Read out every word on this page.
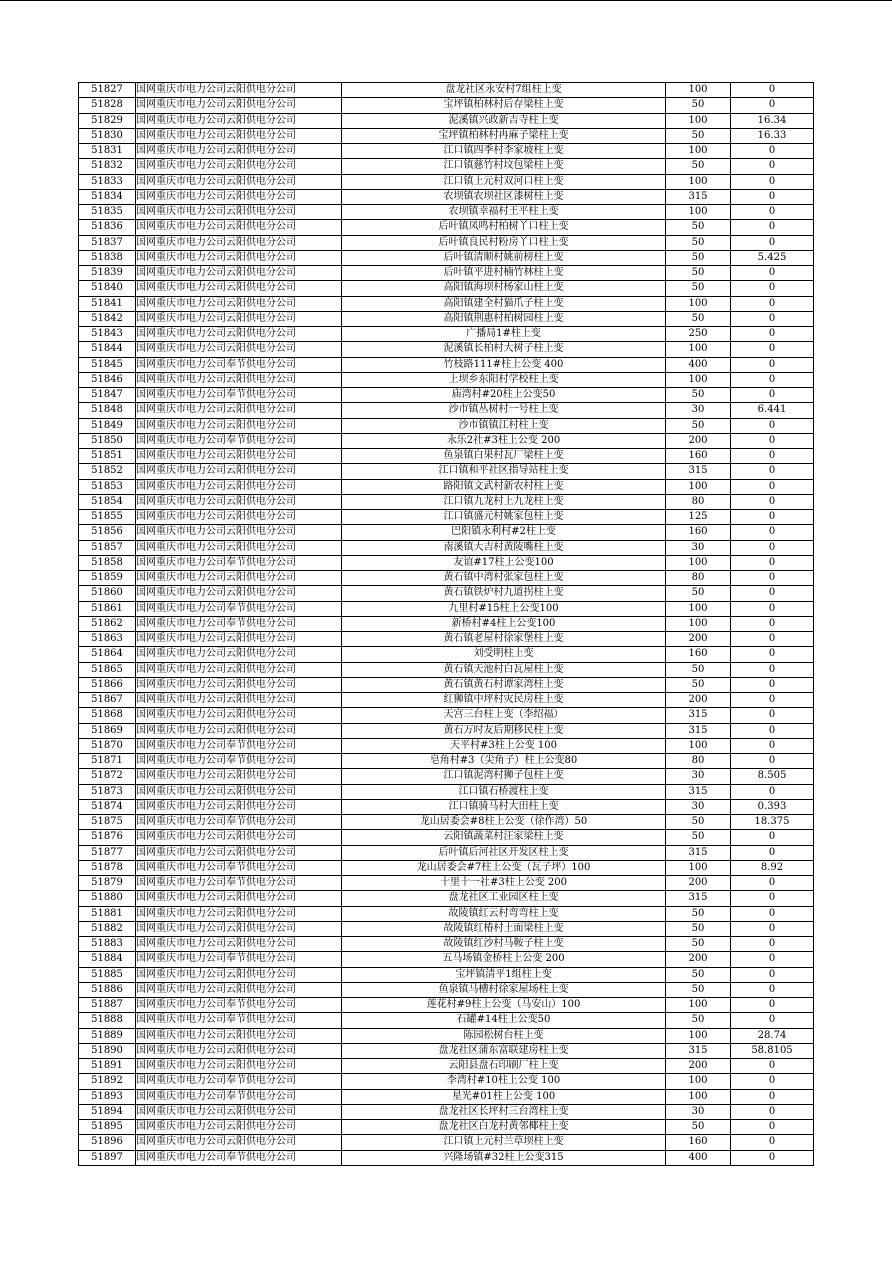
51827	国网重庆市电力公司云阳供电分公司	盘龙社区永安村7组柱上变	100	0
51828	国网重庆市电力公司云阳供电分公司	宝坪镇柏林村后存梁柱上变	50	0
51829	国网重庆市电力公司云阳供电分公司	泥溪镇兴政新吉寺柱上变	100	16.34
51830	国网重庆市电力公司云阳供电分公司	宝坪镇柏林村冉麻子梁柱上变	50	16.33
51831	国网重庆市电力公司云阳供电分公司	江口镇四季村李家坡柱上变	100	0
51832	国网重庆市电力公司云阳供电分公司	江口镇慈竹村坟包梁柱上变	50	0
51833	国网重庆市电力公司云阳供电分公司	江口镇上元村双河口柱上变	100	0
51834	国网重庆市电力公司云阳供电分公司	农坝镇农坝社区漆树柱上变	315	0
51835	国网重庆市电力公司云阳供电分公司	农坝镇幸福村王平柱上变	100	0
51836	国网重庆市电力公司云阳供电分公司	后叶镇凤鸣村柏树丫口柱上变	50	0
51837	国网重庆市电力公司云阳供电分公司	后叶镇良民村粉房丫口柱上变	50	0
51838	国网重庆市电力公司云阳供电分公司	后叶镇清顺村姚前榜柱上变	50	5.425
51839	国网重庆市电力公司云阳供电分公司	后叶镇平进村楠竹林柱上变	50	0
51840	国网重庆市电力公司云阳供电分公司	高阳镇海坝村杨家山柱上变	50	0
51841	国网重庆市电力公司云阳供电分公司	高阳镇建全村猫爪子柱上变	100	0
51842	国网重庆市电力公司云阳供电分公司	高阳镇荆惠村柏树园柱上变	50	0
51843	国网重庆市电力公司云阳供电分公司	广播局1#柱上变	250	0
51844	国网重庆市电力公司云阳供电分公司	泥溪镇长柏村大树子柱上变	100	0
51845	国网重庆市电力公司奉节供电分公司	竹枝路111#柱上公变 400	400	0
51846	国网重庆市电力公司云阳供电分公司	上坝乡东阳村学校柱上变	100	0
51847	国网重庆市电力公司奉节供电分公司	庙湾村#20柱上公变50	50	0
51848	国网重庆市电力公司云阳供电分公司	沙市镇丛树村一号柱上变	30	6.441
51849	国网重庆市电力公司云阳供电分公司	沙市镇镇江村柱上变	50	0
51850	国网重庆市电力公司奉节供电分公司	永乐2社#3柱上公变 200	200	0
51851	国网重庆市电力公司云阳供电分公司	鱼泉镇白果村瓦厂梁柱上变	160	0
51852	国网重庆市电力公司云阳供电分公司	江口镇和平社区指导站柱上变	315	0
51853	国网重庆市电力公司云阳供电分公司	路阳镇文武村新农村柱上变	100	0
51854	国网重庆市电力公司云阳供电分公司	江口镇九龙村上九龙柱上变	80	0
51855	国网重庆市电力公司云阳供电分公司	江口镇盛元村姚家包柱上变	125	0
51856	国网重庆市电力公司云阳供电分公司	巴阳镇永利村#2柱上变	160	0
51857	国网重庆市电力公司云阳供电分公司	南溪镇大吉村黄陵嘴柱上变	30	0
51858	国网重庆市电力公司奉节供电分公司	友谊#17柱上公变100	100	0
51859	国网重庆市电力公司云阳供电分公司	黄石镇中湾村张家包柱上变	80	0
51860	国网重庆市电力公司云阳供电分公司	黄石镇铁炉村九道拐柱上变	50	0
51861	国网重庆市电力公司奉节供电分公司	九里村#15柱上公变100	100	0
51862	国网重庆市电力公司奉节供电分公司	新桥村#4柱上公变100	100	0
51863	国网重庆市电力公司云阳供电分公司	黄石镇老屋村徐家堡柱上变	200	0
51864	国网重庆市电力公司云阳供电分公司	刘受明柱上变	160	0
51865	国网重庆市电力公司云阳供电分公司	黄石镇天池村白瓦屋柱上变	50	0
51866	国网重庆市电力公司云阳供电分公司	黄石镇黄石村谭家湾柱上变	50	0
51867	国网重庆市电力公司云阳供电分公司	红狮镇中坪村灾民房柱上变	200	0
51868	国网重庆市电力公司云阳供电分公司	天宫三台柱上变（李绍福）	315	0
51869	国网重庆市电力公司云阳供电分公司	黄石万吋友后期移民柱上变	315	0
51870	国网重庆市电力公司奉节供电分公司	天平村#3柱上公变 100	100	0
51871	国网重庆市电力公司奉节供电分公司	皂角村#3（尖角子）柱上公变80	80	0
51872	国网重庆市电力公司云阳供电分公司	江口镇泥湾村狮子包柱上变	30	8.505
51873	国网重庆市电力公司云阳供电分公司	江口镇石桥渡柱上变	315	0
51874	国网重庆市电力公司云阳供电分公司	江口镇骑马村大田柱上变	30	0.393
51875	国网重庆市电力公司奉节供电分公司	龙山居委会#8柱上公变（徐作湾）50	50	18.375
51876	国网重庆市电力公司云阳供电分公司	云阳镇蔬菜村汪家梁柱上变	50	0
51877	国网重庆市电力公司云阳供电分公司	后叶镇后河社区开发区柱上变	315	0
51878	国网重庆市电力公司奉节供电分公司	龙山居委会#7柱上公变（瓦子坪）100	100	8.92
51879	国网重庆市电力公司奉节供电分公司	十里十一社#3柱上公变 200	200	0
51880	国网重庆市电力公司云阳供电分公司	盘龙社区工业园区柱上变	315	0
51881	国网重庆市电力公司云阳供电分公司	故陵镇红云村弯弯柱上变	50	0
51882	国网重庆市电力公司云阳供电分公司	故陵镇红椿村土面梁柱上变	50	0
51883	国网重庆市电力公司云阳供电分公司	故陵镇红沙村马鞍子柱上变	50	0
51884	国网重庆市电力公司奉节供电分公司	五马场镇金桥柱上公变 200	200	0
51885	国网重庆市电力公司云阳供电分公司	宝坪镇清平1组柱上变	50	0
51886	国网重庆市电力公司云阳供电分公司	鱼泉镇马槽村徐家屋场柱上变	50	0
51887	国网重庆市电力公司奉节供电分公司	莲花村#9柱上公变（马安山）100	100	0
51888	国网重庆市电力公司奉节供电分公司	石罐#14柱上公变50	50	0
51889	国网重庆市电力公司云阳供电分公司	陈园松树台柱上变	100	28.74
51890	国网重庆市电力公司云阳供电分公司	盘龙社区蒲东富联建房柱上变	315	58.8105
51891	国网重庆市电力公司云阳供电分公司	云阳县盘石印刷厂柱上变	200	0
51892	国网重庆市电力公司奉节供电分公司	李湾村#10柱上公变 100	100	0
51893	国网重庆市电力公司奉节供电分公司	星光#01柱上公变 100	100	0
51894	国网重庆市电力公司云阳供电分公司	盘龙社区长坪村三台湾柱上变	30	0
51895	国网重庆市电力公司云阳供电分公司	盘龙社区白龙村黄邻椰柱上变	50	0
51896	国网重庆市电力公司云阳供电分公司	江口镇上元村兰草坝柱上变	160	0
51897	国网重庆市电力公司奉节供电分公司	兴隆场镇#32柱上公变315	400	0
